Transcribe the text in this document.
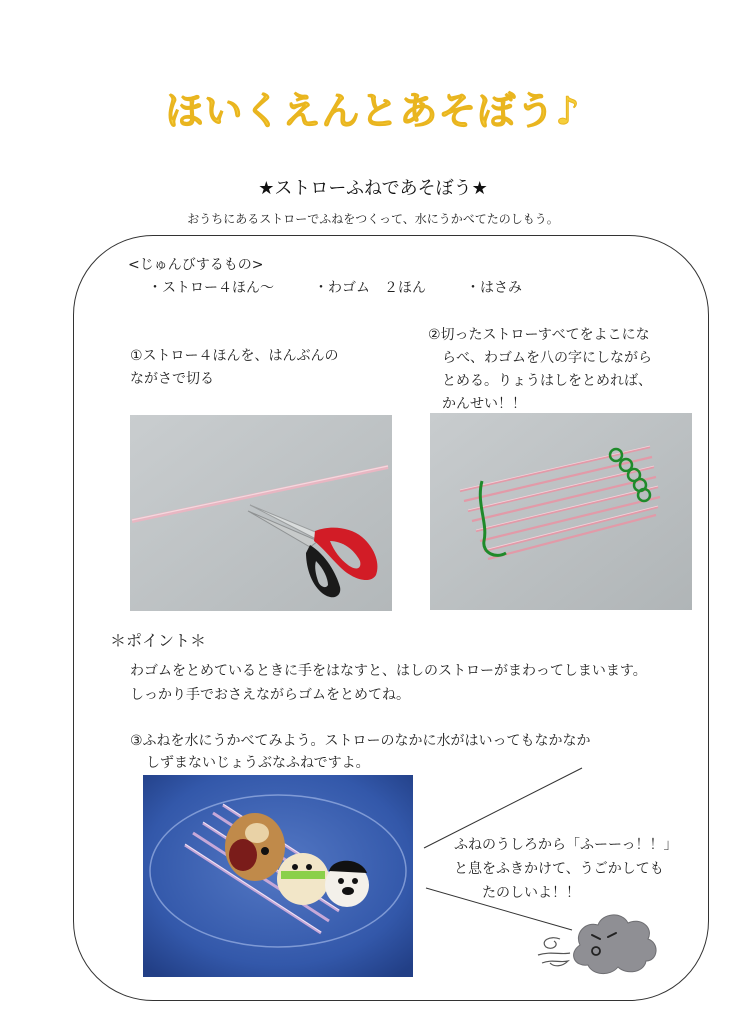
ほいくえんとあそぼう♪
★ストローふねであそぼう★
おうちにあるストローでふねをつくって、水にうかべてたのしもう。
<じゅんびするもの>
・ストロー４ほん〜	・わゴム　２ほん	・はさみ
①ストロー４ほんを、はんぶんの
ながさで切る
②切ったストローすべてをよこにな
らべ、わゴムを八の字にしながら
とめる。りょうはしをとめれば、
かんせい！！
＊ポイント＊
わゴムをとめているときに手をはなすと、はしのストローがまわってしまいます。
しっかり手でおさえながらゴムをとめてね。
③ふねを水にうかべてみよう。ストローのなかに水がはいってもなかなか
しずまないじょうぶなふねですよ。
ふねのうしろから「ふーーっ！！」
と息をふきかけて、うごかしても
たのしいよ！！
